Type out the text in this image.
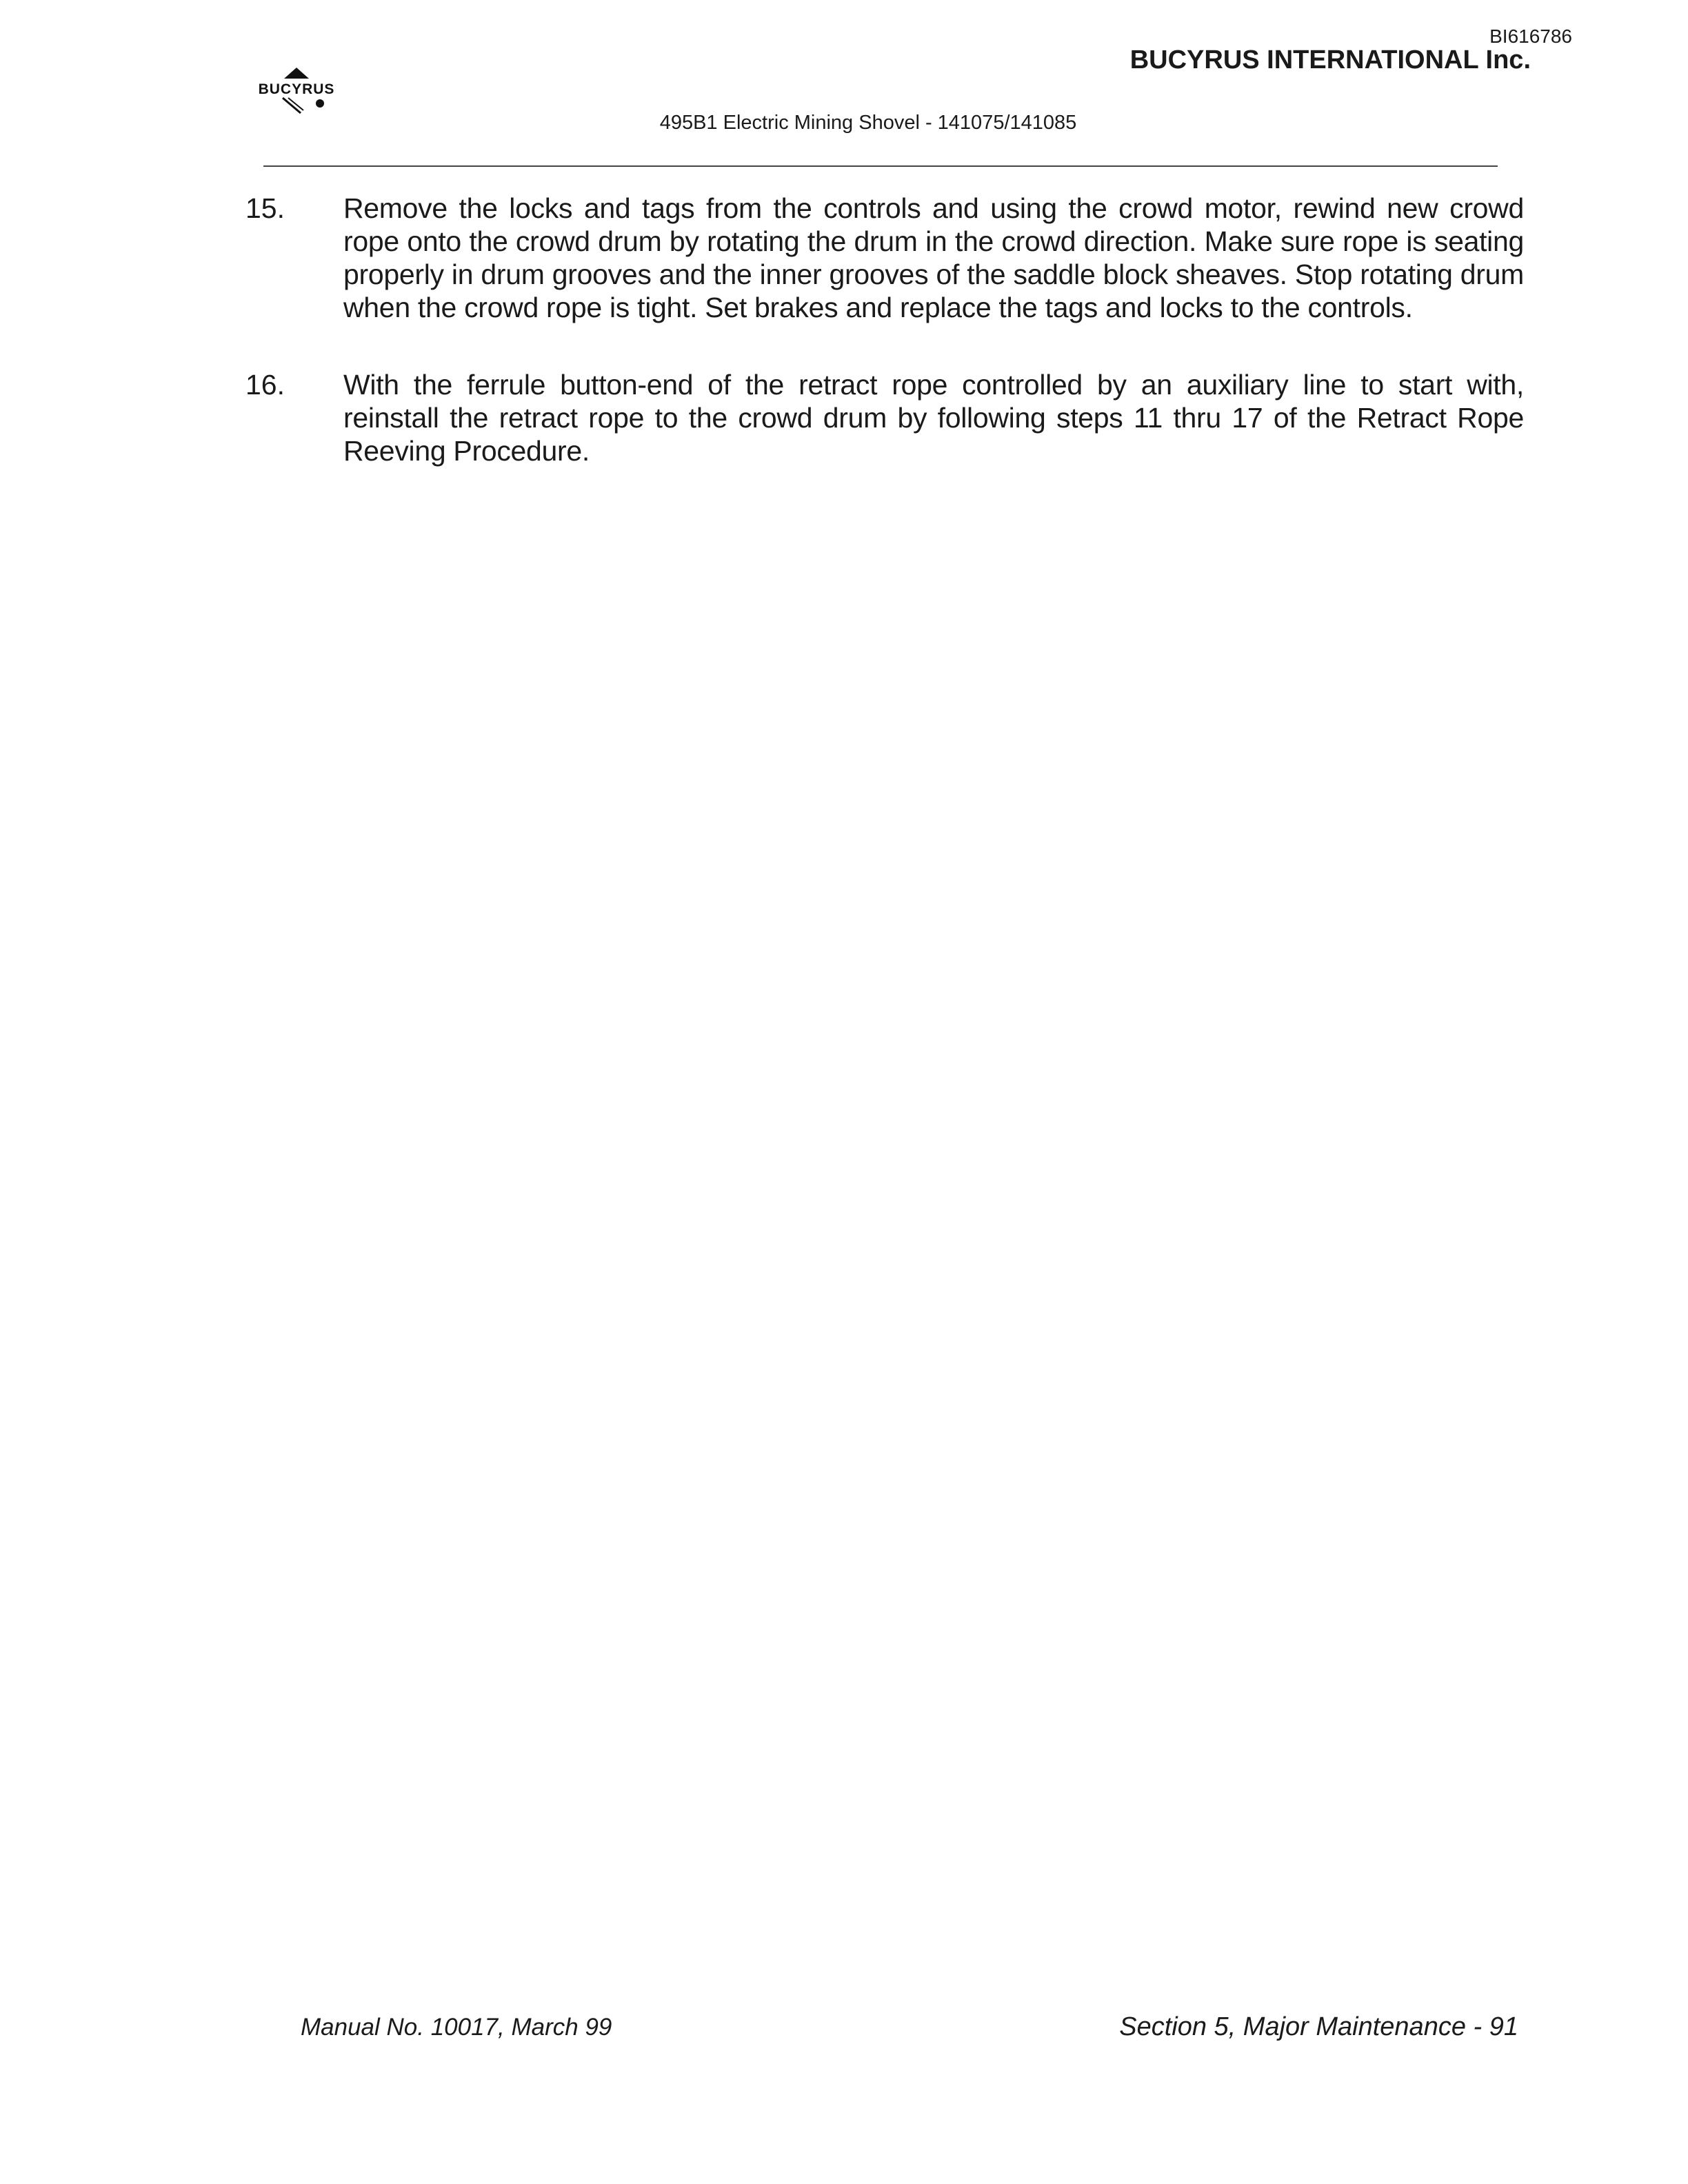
BI616786
BUCYRUS INTERNATIONAL Inc.
BUCYRUS
495B1 Electric Mining Shovel - 141075/141085
15. Remove the locks and tags from the controls and using the crowd motor, rewind new crowd rope onto the crowd drum by rotating the drum in the crowd direction. Make sure rope is seating properly in drum grooves and the inner grooves of the saddle block sheaves. Stop rotating drum when the crowd rope is tight. Set brakes and replace the tags and locks to the controls.
16. With the ferrule button-end of the retract rope controlled by an auxiliary line to start with, reinstall the retract rope to the crowd drum by following steps 11 thru 17 of the Retract Rope Reeving Procedure.
Manual No. 10017, March 99	Section 5, Major Maintenance - 91
